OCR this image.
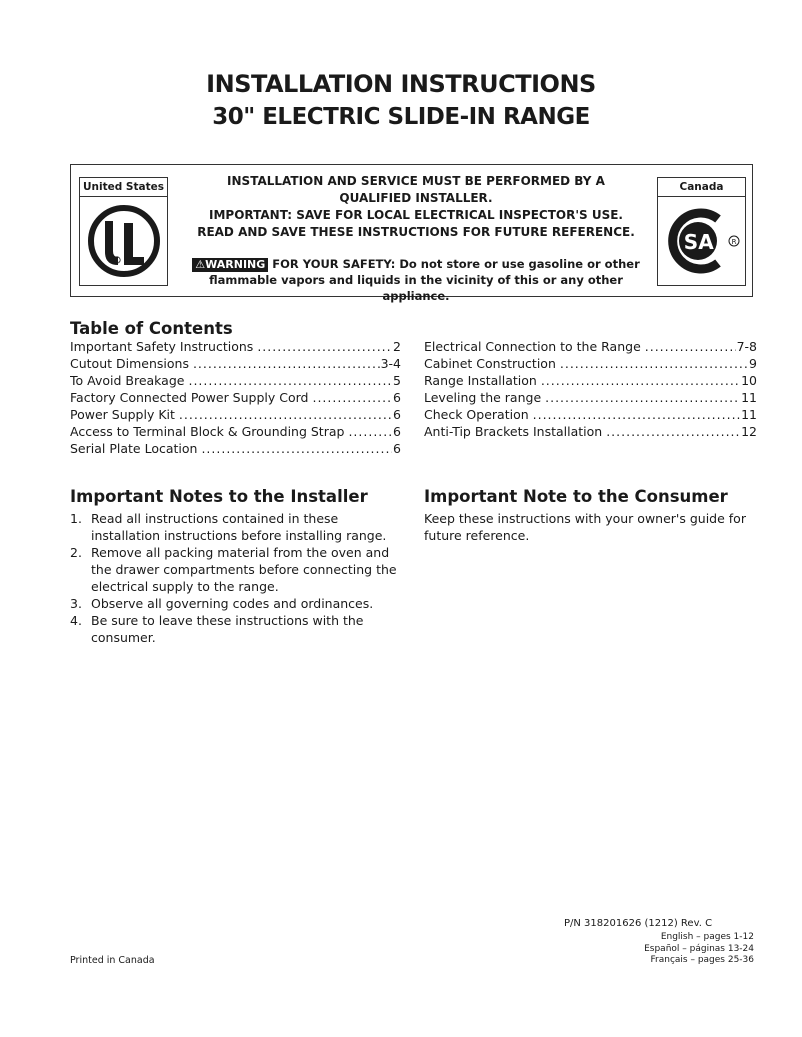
INSTALLATION INSTRUCTIONS
30" ELECTRIC SLIDE-IN RANGE
United States
R
INSTALLATION AND SERVICE MUST BE PERFORMED BY A
QUALIFIED INSTALLER.
IMPORTANT: SAVE FOR LOCAL ELECTRICAL INSPECTOR'S USE.
READ AND SAVE THESE INSTRUCTIONS FOR FUTURE REFERENCE.
⚠WARNING FOR YOUR SAFETY: Do not store or use gasoline or other
flammable vapors and liquids in the vicinity of this or any other appliance.
Canada
S A	R
Table of Contents
Important Safety Instructions .....	2
Cutout Dimensions .....	3-4
To Avoid Breakage .....	5
Factory Connected Power Supply Cord .....	6
Power Supply Kit .....	6
Access to Terminal Block & Grounding Strap .....	6
Serial Plate Location .....	6
Electrical Connection to the Range .....	7-8
Cabinet Construction .....	9
Range Installation .....	10
Leveling the range .....	11
Check Operation .....	11
Anti-Tip Brackets Installation .....	12
Important Notes to the Installer
1. Read all instructions contained in these installation instructions before installing range.
2. Remove all packing material from the oven and the drawer compartments before connecting the electrical supply to the range.
3. Observe all governing codes and ordinances.
4. Be sure to leave these instructions with the consumer.
Important Note to the Consumer
Keep these instructions with your owner's guide for future reference.
P/N 318201626 (1212) Rev. C
English – pages 1-12
Español – páginas 13-24
Français – pages 25-36
Printed in Canada
